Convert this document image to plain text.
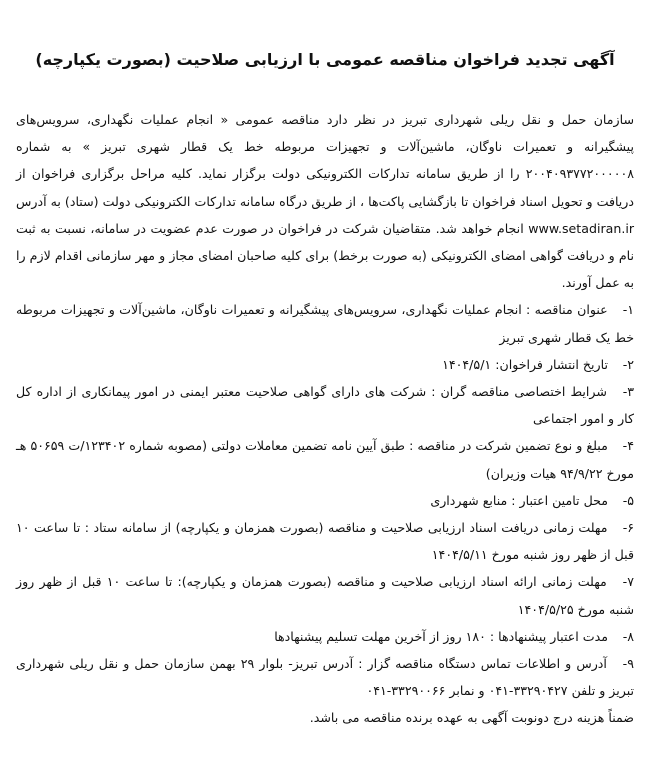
آگهی تجدید فراخوان مناقصه عمومی با ارزیابی صلاحیت (بصورت یکپارچه)

سازمان حمل و نقل ریلی شهرداری تبریز در نظر دارد مناقصه عمومی « انجام عملیات نگهداری، سرویس‌های پیشگیرانه و تعمیرات ناوگان، ماشین‌آلات و تجهیزات مربوطه خط یک قطار شهری تبریز » به شماره ۲۰۰۴۰۹۳۷۷۲۰۰۰۰۰۸ را از طریق سامانه تدارکات الکترونیکی دولت برگزار نماید. کلیه مراحل برگزاری فراخوان از دریافت و تحویل اسناد فراخوان تا بازگشایی پاکت‌ها ، از طریق درگاه سامانه تدارکات الکترونیکی دولت (ستاد) به آدرس www.setadiran.ir انجام خواهد شد. متقاضیان شرکت در فراخوان در صورت عدم عضویت در سامانه، نسبت به ثبت نام و دریافت گواهی امضای الکترونیکی (به صورت برخط) برای کلیه صاحبان امضای مجاز و مهر سازمانی اقدام لازم را به عمل آورند.

۱- عنوان مناقصه : انجام عملیات نگهداری، سرویس‌های پیشگیرانه و تعمیرات ناوگان، ماشین‌آلات و تجهیزات مربوطه خط یک قطار شهری تبریز

۲- تاریخ انتشار فراخوان: ۱۴۰۴/۵/۱

۳- شرایط اختصاصی مناقصه گران : شرکت های دارای گواهی صلاحیت معتبر ایمنی در امور پیمانکاری از اداره کل کار و امور اجتماعی

۴- مبلغ و نوع تضمین شرکت در مناقصه : طبق آیین نامه تضمین معاملات دولتی (مصوبه شماره ۱۲۳۴۰۲/ت ۵۰۶۵۹ هـ مورخ ۹۴/۹/۲۲ هیات وزیران)

۵- محل تامین اعتبار : منابع شهرداری

۶- مهلت زمانی دریافت اسناد ارزیابی صلاحیت و مناقصه (بصورت همزمان و یکپارچه) از سامانه ستاد : تا ساعت ۱۰ قبل از ظهر روز شنبه مورخ ۱۴۰۴/۵/۱۱

۷- مهلت زمانی ارائه اسناد ارزیابی صلاحیت و مناقصه (بصورت همزمان و یکپارچه): تا ساعت ۱۰ قبل از ظهر روز شنبه مورخ ۱۴۰۴/۵/۲۵

۸- مدت اعتبار پیشنهادها : ۱۸۰ روز از آخرین مهلت تسلیم پیشنهادها

۹- آدرس و اطلاعات تماس دستگاه مناقصه گزار : آدرس تبریز- بلوار ۲۹ بهمن سازمان حمل و نقل ریلی شهرداری تبریز و تلفن ۳۳۲۹۰۴۲۷-۰۴۱ و نمابر ۳۳۲۹۰۰۶۶-۰۴۱

ضمناً هزینه درج دونوبت آگهی به عهده برنده مناقصه می باشد.
